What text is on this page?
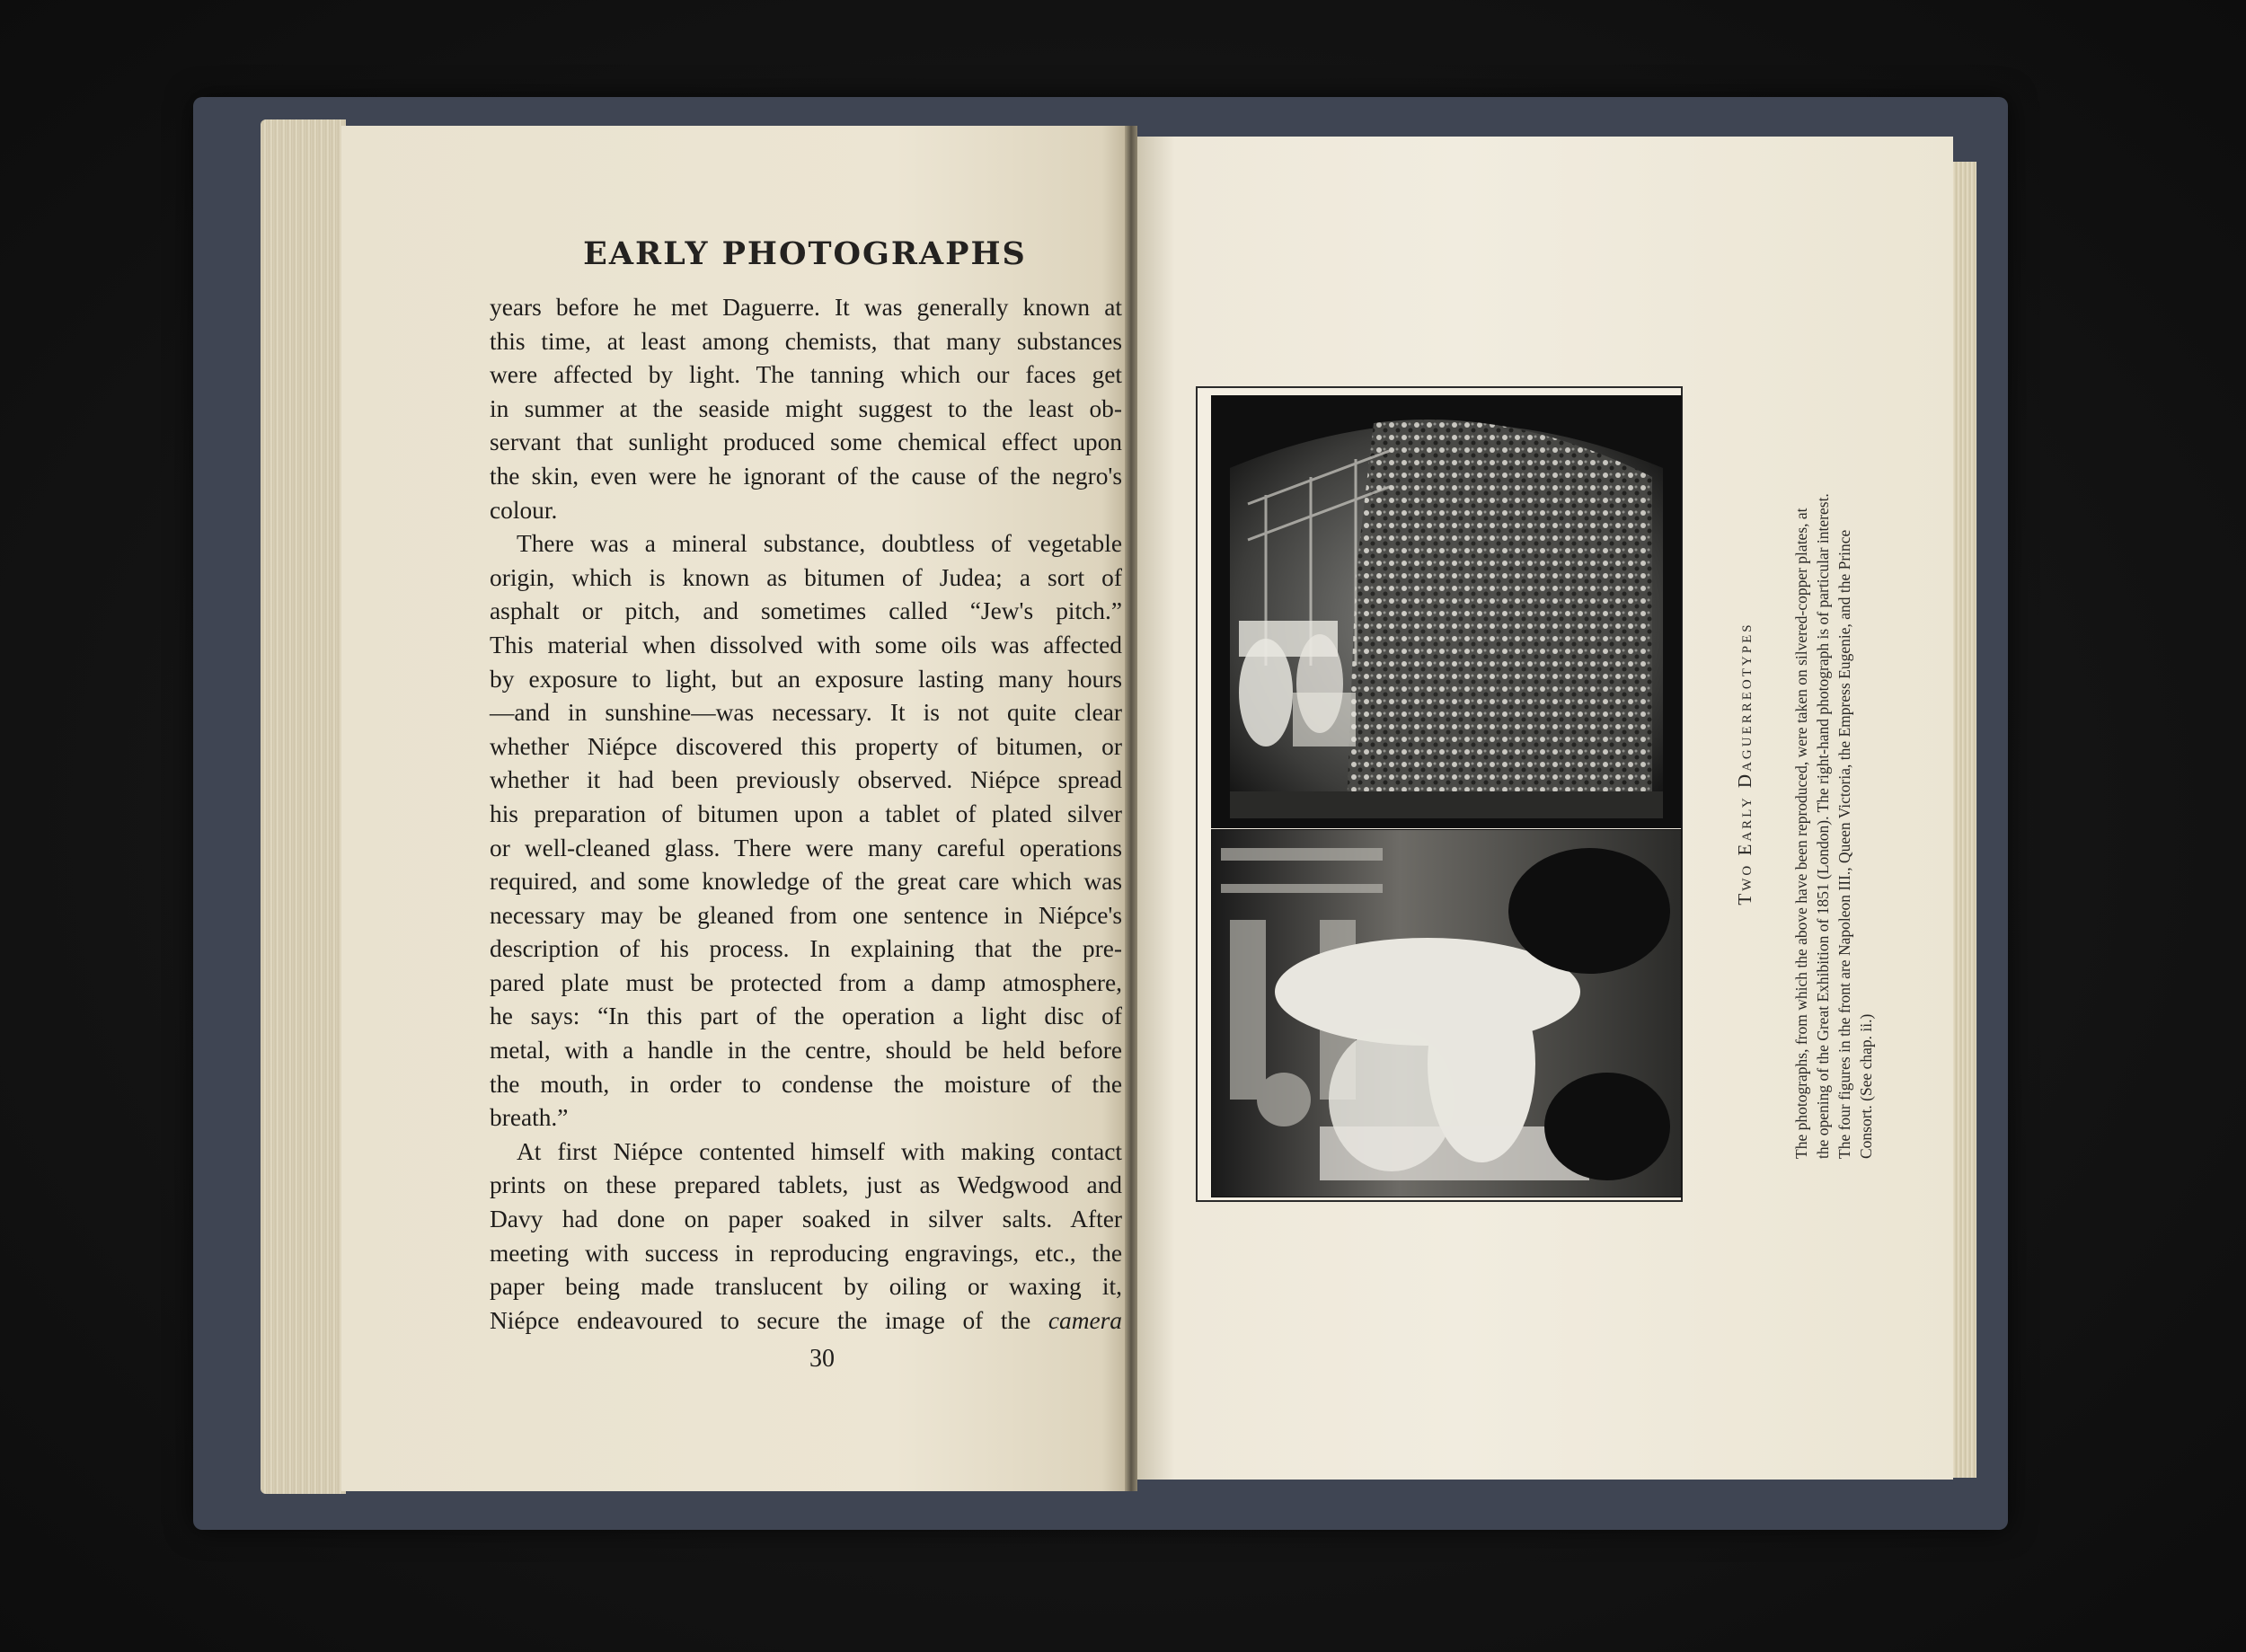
EARLY PHOTOGRAPHS
years before he met Daguerre. It was generally known at
this time, at least among chemists, that many substances
were affected by light. The tanning which our faces get
in summer at the seaside might suggest to the least ob-
servant that sunlight produced some chemical effect upon
the skin, even were he ignorant of the cause of the negro's
colour.
There was a mineral substance, doubtless of vegetable
origin, which is known as bitumen of Judea; a sort of
asphalt or pitch, and sometimes called “Jew's pitch.”
This material when dissolved with some oils was affected
by exposure to light, but an exposure lasting many hours
—and in sunshine—was necessary. It is not quite clear
whether Niépce discovered this property of bitumen, or
whether it had been previously observed. Niépce spread
his preparation of bitumen upon a tablet of plated silver
or well-cleaned glass. There were many careful operations
required, and some knowledge of the great care which was
necessary may be gleaned from one sentence in Niépce's
description of his process. In explaining that the pre-
pared plate must be protected from a damp atmosphere,
he says: “In this part of the operation a light disc of
metal, with a handle in the centre, should be held before
the mouth, in order to condense the moisture of the
breath.”
At first Niépce contented himself with making contact
prints on these prepared tablets, just as Wedgwood and
Davy had done on paper soaked in silver salts. After
meeting with success in reproducing engravings, etc., the
paper being made translucent by oiling or waxing it,
Niépce endeavoured to secure the image of the camera
30
Two Early Daguerreotypes The photographs, from which the above have been reproduced, were taken on silvered-copper plates, at the opening of the Great Exhibition of 1851 (London). The right-hand photograph is of particular interest. The four figures in the front are Napoleon III., Queen Victoria, the Empress Eugenie, and the Prince Consort. (See chap. ii.)
